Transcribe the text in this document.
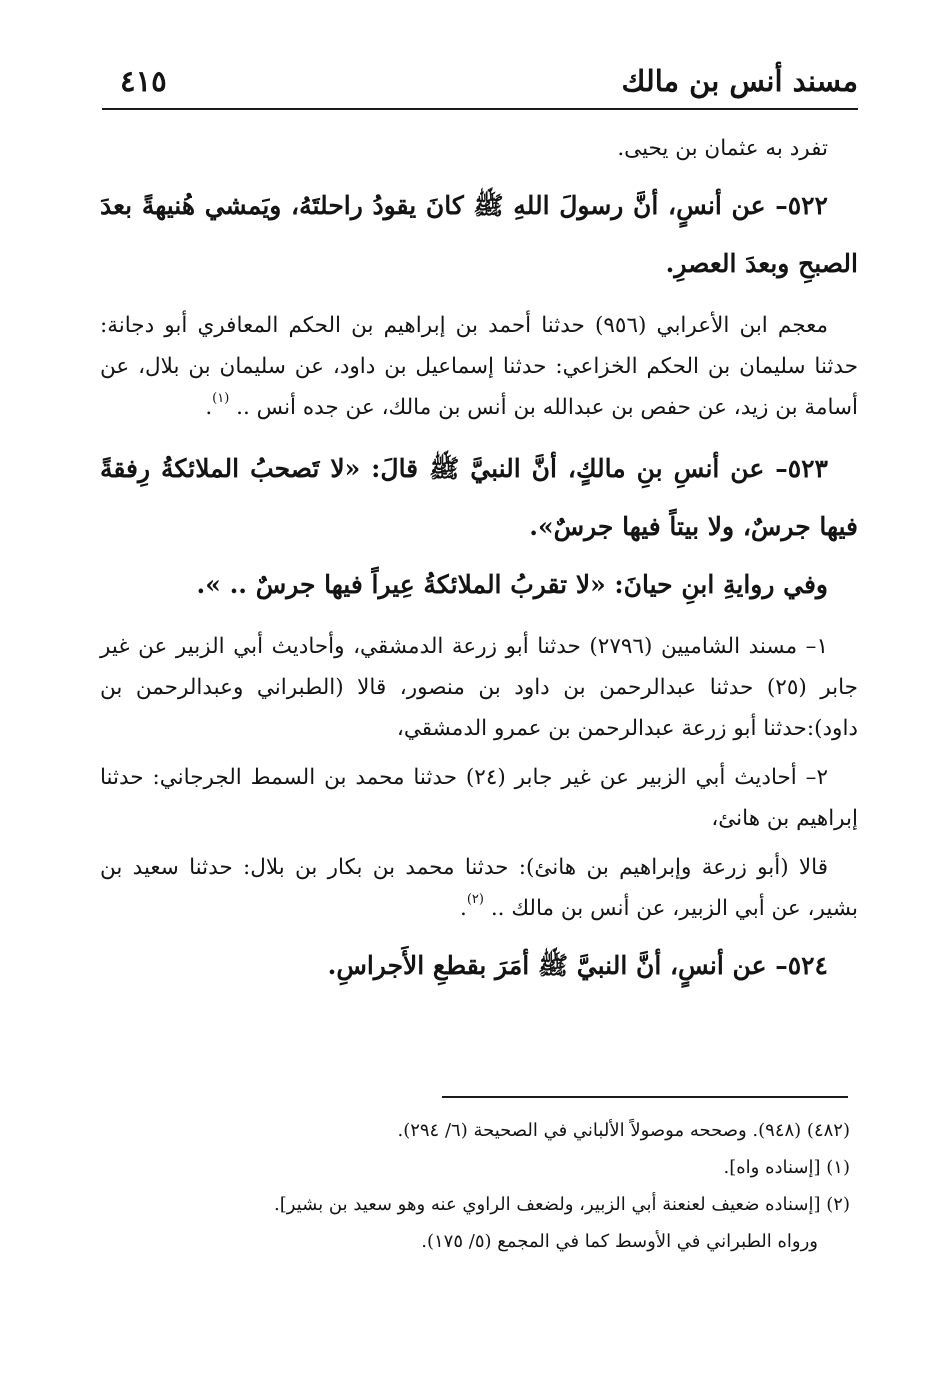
مسند أنس بن مالك
٤١٥

تفرد به عثمان بن يحيى.

٥٢٢– عن أنسٍ، أنَّ رسولَ اللهِ ﷺ كانَ يقودُ راحلتَهُ، ويَمشي هُنيهةً بعدَ الصبحِ وبعدَ العصرِ.

معجم ابن الأعرابي (٩٥٦) حدثنا أحمد بن إبراهيم بن الحكم المعافري أبو دجانة: حدثنا سليمان بن الحكم الخزاعي: حدثنا إسماعيل بن داود، عن سليمان بن بلال، عن أسامة بن زيد، عن حفص بن عبدالله بن أنس بن مالك، عن جده أنس .. $^{(١)}$.

٥٢٣– عن أنسِ بنِ مالكٍ، أنَّ النبيَّ ﷺ قالَ: «لا تَصحبُ الملائكةُ رِفقةً فيها جرسٌ، ولا بيتاً فيها جرسٌ».

وفي روايةِ ابنِ حيانَ: «لا تقربُ الملائكةُ عِيراً فيها جرسٌ .. ».

١– مسند الشاميين (٢٧٩٦) حدثنا أبو زرعة الدمشقي، وأحاديث أبي الزبير عن غير جابر (٢٥) حدثنا عبدالرحمن بن داود بن منصور، قالا (الطبراني وعبدالرحمن بن داود):حدثنا أبو زرعة عبدالرحمن بن عمرو الدمشقي،

٢– أحاديث أبي الزبير عن غير جابر (٢٤) حدثنا محمد بن السمط الجرجاني: حدثنا إبراهيم بن هانئ،

قالا (أبو زرعة وإبراهيم بن هانئ): حدثنا محمد بن بكار بن بلال: حدثنا سعيد بن بشير، عن أبي الزبير، عن أنس بن مالك .. $^{(٢)}$.

٥٢٤– عن أنسٍ، أنَّ النبيَّ ﷺ أمَرَ بقطعِ الأَجراسِ.

(٤٨٢) (٩٤٨). وصححه موصولاً الألباني في الصحيحة (٦/ ٢٩٤).

(١) [إسناده واه].

(٢) [إسناده ضعيف لعنعنة أبي الزبير، ولضعف الراوي عنه وهو سعيد بن بشير].

ورواه الطبراني في الأوسط كما في المجمع (٥/ ١٧٥).
